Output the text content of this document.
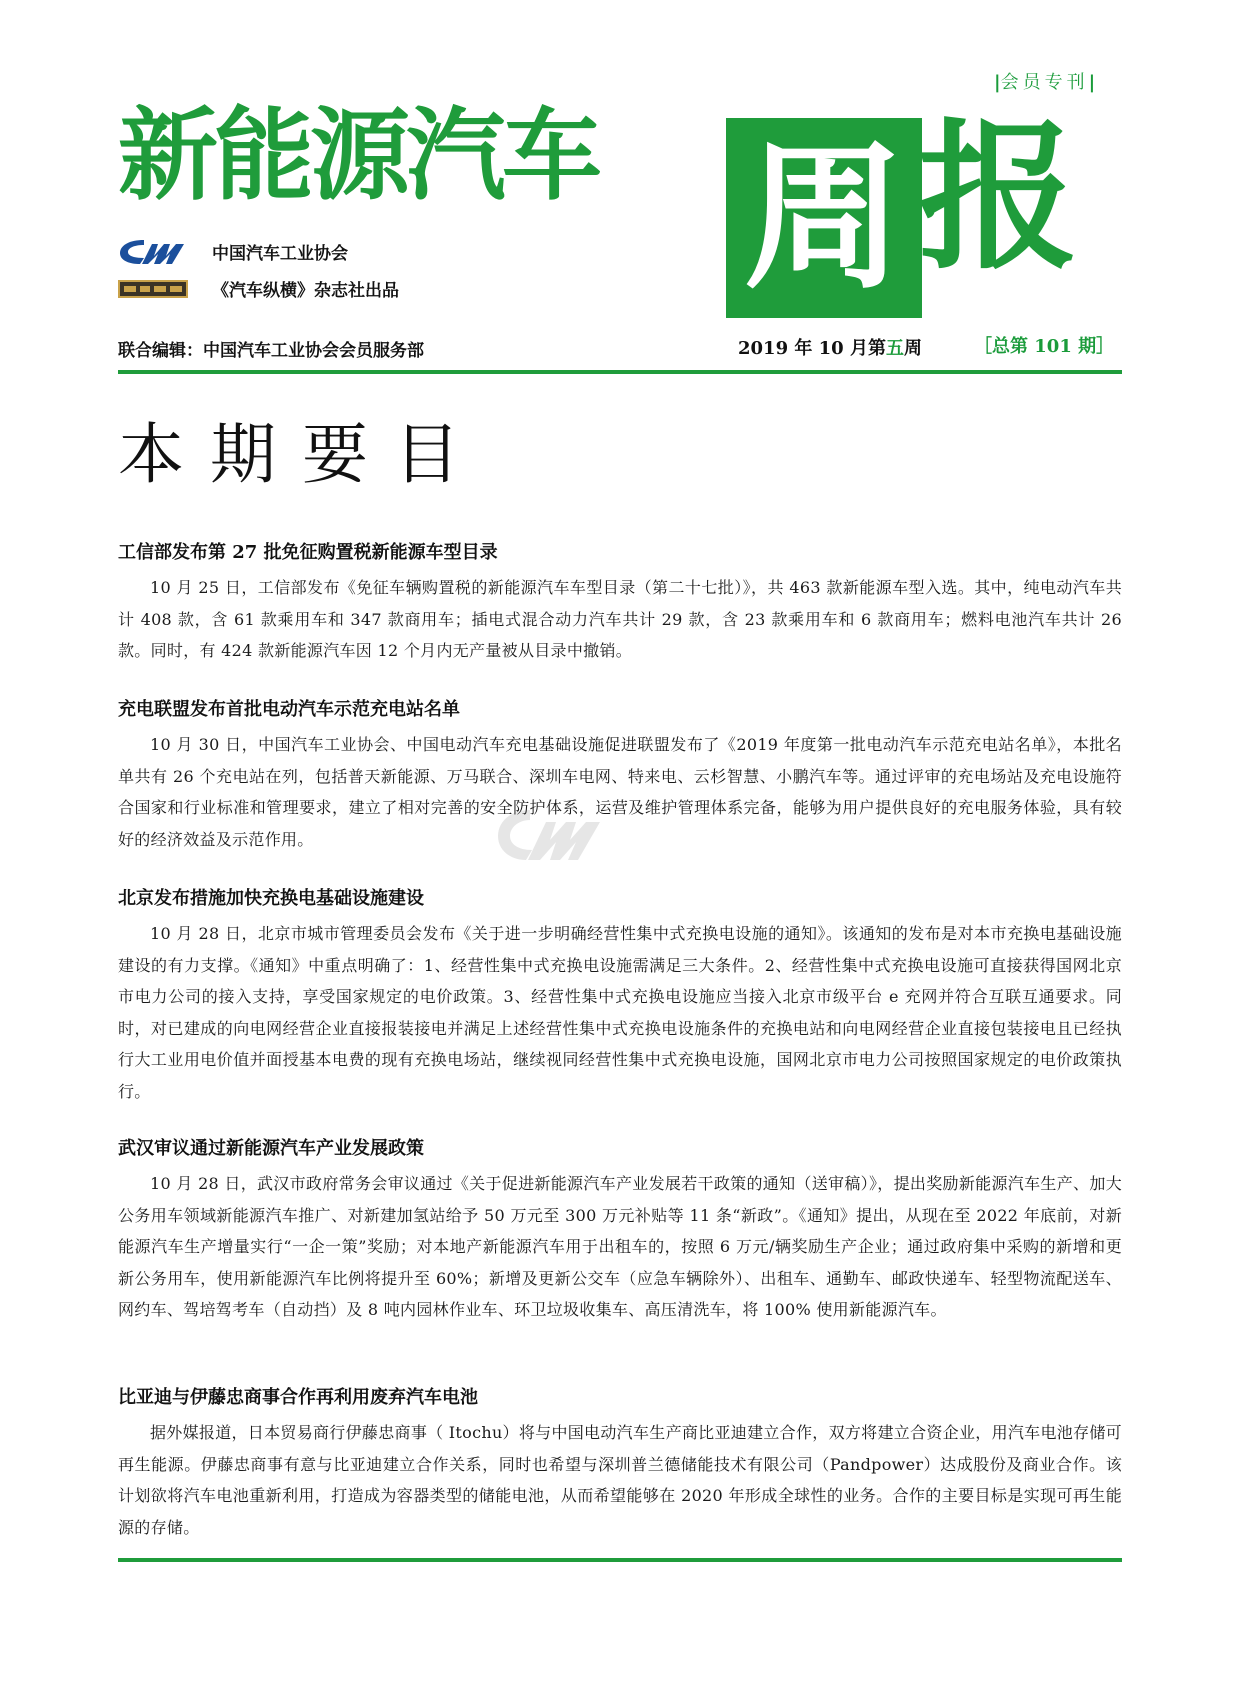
|会员专刊|
新能源汽车 周 报
中国汽车工业协会
《汽车纵横》杂志社出品
联合编辑：中国汽车工业协会会员服务部	2019 年 10 月第五周	［总第 101 期］
本期要目
工信部发布第 27 批免征购置税新能源车型目录

10 月 25 日，工信部发布《免征车辆购置税的新能源汽车车型目录（第二十七批）》，共 463 款新能源车型入选。其中，纯电动汽车共计 408 款，含 61 款乘用车和 347 款商用车；插电式混合动力汽车共计 29 款，含 23 款乘用车和 6 款商用车；燃料电池汽车共计 26 款。同时，有 424 款新能源汽车因 12 个月内无产量被从目录中撤销。

充电联盟发布首批电动汽车示范充电站名单

10 月 30 日，中国汽车工业协会、中国电动汽车充电基础设施促进联盟发布了《2019 年度第一批电动汽车示范充电站名单》，本批名单共有 26 个充电站在列，包括普天新能源、万马联合、深圳车电网、特来电、云杉智慧、小鹏汽车等。通过评审的充电场站及充电设施符合国家和行业标准和管理要求，建立了相对完善的安全防护体系，运营及维护管理体系完备，能够为用户提供良好的充电服务体验，具有较好的经济效益及示范作用。

北京发布措施加快充换电基础设施建设

10 月 28 日，北京市城市管理委员会发布《关于进一步明确经营性集中式充换电设施的通知》。该通知的发布是对本市充换电基础设施建设的有力支撑。《通知》中重点明确了：1、经营性集中式充换电设施需满足三大条件。2、经营性集中式充换电设施可直接获得国网北京市电力公司的接入支持，享受国家规定的电价政策。3、经营性集中式充换电设施应当接入北京市级平台 e 充网并符合互联互通要求。同时，对已建成的向电网经营企业直接报装接电并满足上述经营性集中式充换电设施条件的充换电站和向电网经营企业直接包装接电且已经执行大工业用电价值并面授基本电费的现有充换电场站，继续视同经营性集中式充换电设施，国网北京市电力公司按照国家规定的电价政策执行。

武汉审议通过新能源汽车产业发展政策

10 月 28 日，武汉市政府常务会审议通过《关于促进新能源汽车产业发展若干政策的通知（送审稿）》，提出奖励新能源汽车生产、加大公务用车领域新能源汽车推广、对新建加氢站给予 50 万元至 300 万元补贴等 11 条“新政”。《通知》提出，从现在至 2022 年底前，对新能源汽车生产增量实行“一企一策”奖励；对本地产新能源汽车用于出租车的，按照 6 万元/辆奖励生产企业；通过政府集中采购的新增和更新公务用车，使用新能源汽车比例将提升至 60%；新增及更新公交车（应急车辆除外）、出租车、通勤车、邮政快递车、轻型物流配送车、网约车、驾培驾考车（自动挡）及 8 吨内园林作业车、环卫垃圾收集车、高压清洗车，将 100% 使用新能源汽车。

比亚迪与伊藤忠商事合作再利用废弃汽车电池

据外媒报道，日本贸易商行伊藤忠商事（ Itochu）将与中国电动汽车生产商比亚迪建立合作，双方将建立合资企业，用汽车电池存储可再生能源。伊藤忠商事有意与比亚迪建立合作关系，同时也希望与深圳普兰德储能技术有限公司（Pandpower）达成股份及商业合作。该计划欲将汽车电池重新利用，打造成为容器类型的储能电池，从而希望能够在 2020 年形成全球性的业务。合作的主要目标是实现可再生能源的存储。
